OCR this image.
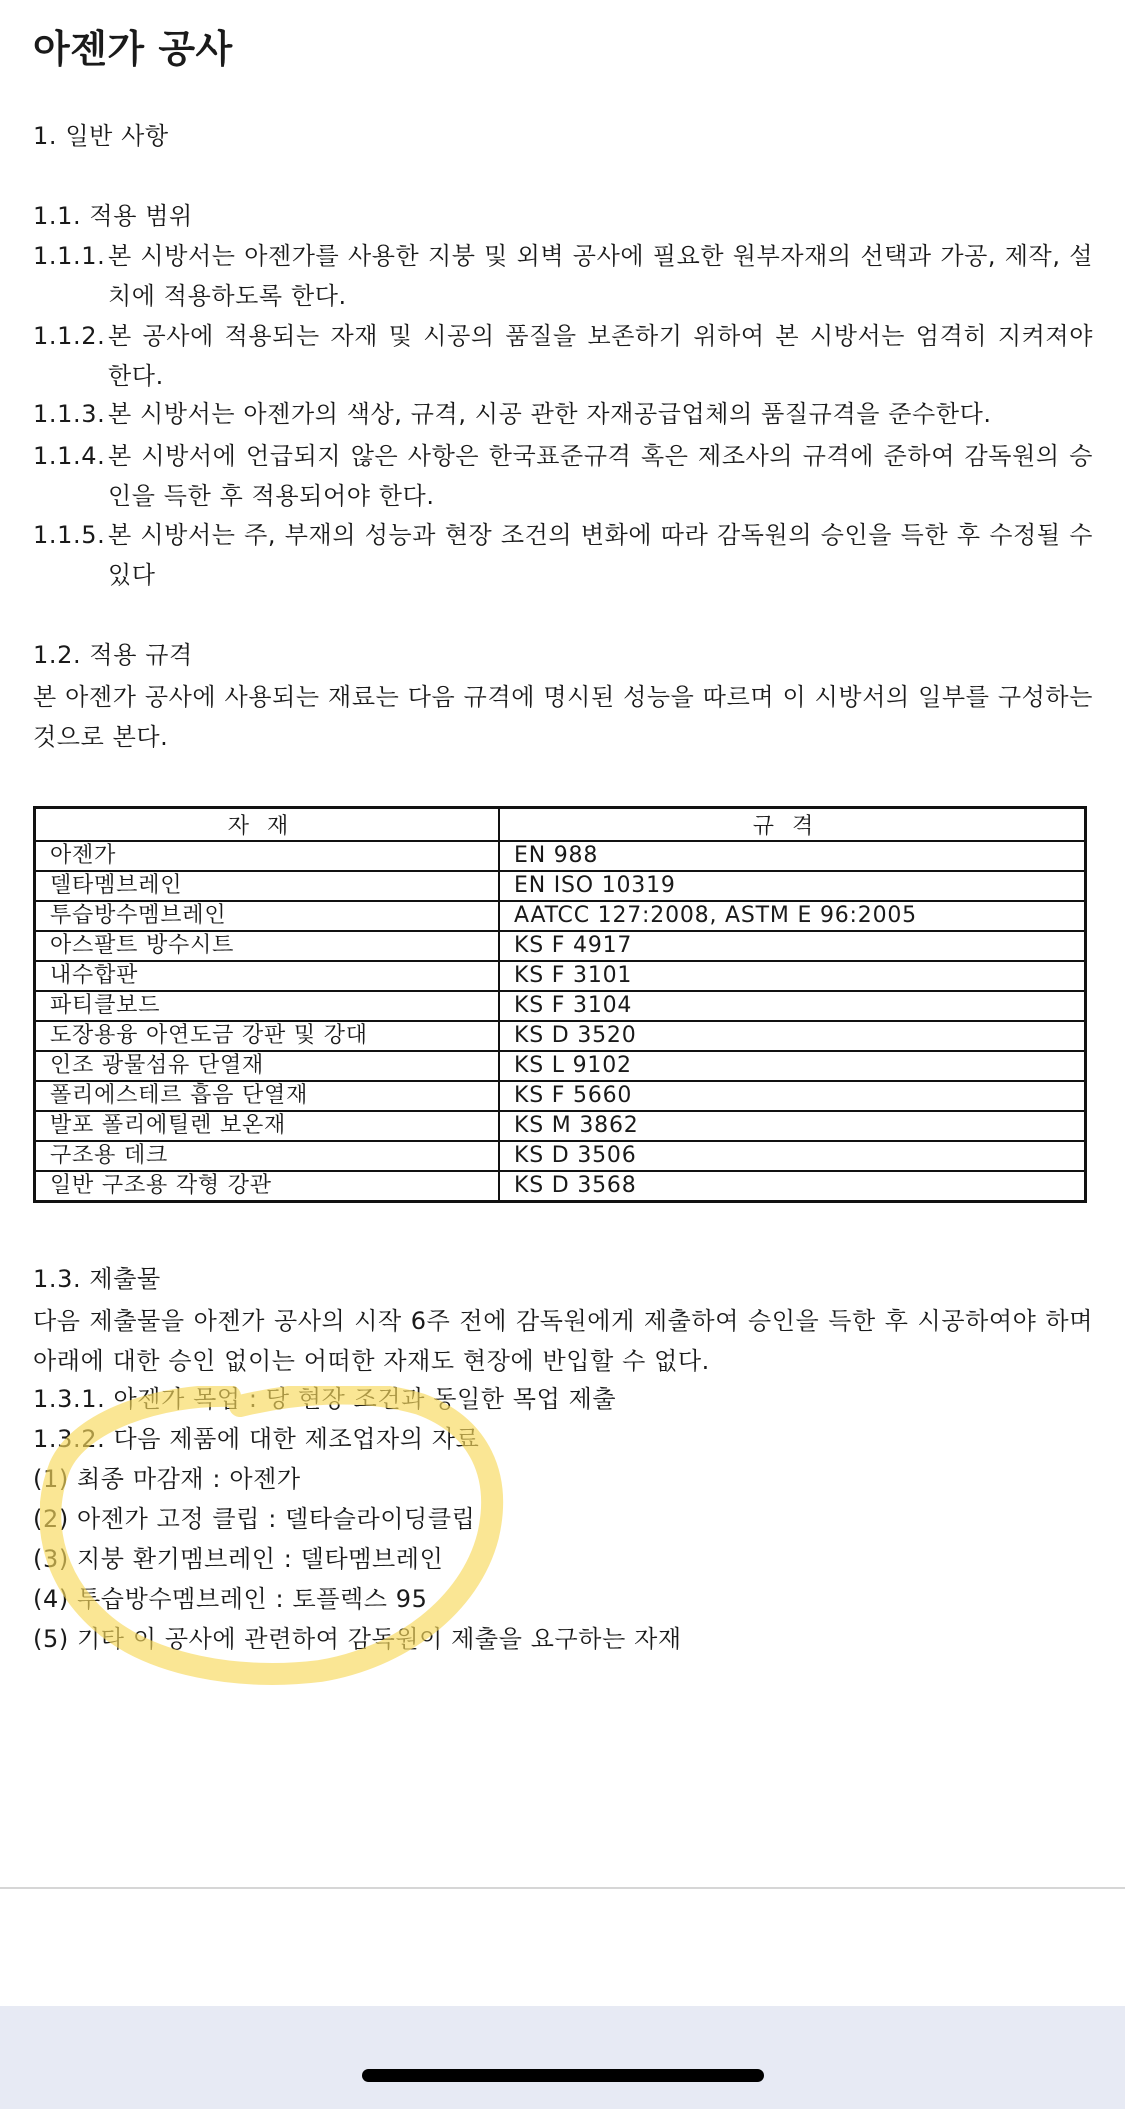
아젠가 공사
1. 일반 사항
1.1. 적용 범위
1.1.1. 본 시방서는 아젠가를 사용한 지붕 및 외벽 공사에 필요한 원부자재의 선택과 가공, 제작, 설치에 적용하도록 한다.
1.1.2. 본 공사에 적용되는 자재 및 시공의 품질을 보존하기 위하여 본 시방서는 엄격히 지켜져야 한다.
1.1.3. 본 시방서는 아젠가의 색상, 규격, 시공 관한 자재공급업체의 품질규격을 준수한다.
1.1.4. 본 시방서에 언급되지 않은 사항은 한국표준규격 혹은 제조사의 규격에 준하여 감독원의 승인을 득한 후 적용되어야 한다.
1.1.5. 본 시방서는 주, 부재의 성능과 현장 조건의 변화에 따라 감독원의 승인을 득한 후 수정될 수 있다
1.2. 적용 규격
본 아젠가 공사에 사용되는 재료는 다음 규격에 명시된 성능을 따르며 이 시방서의 일부를 구성하는 것으로 본다.
자재	규격
아젠가	EN 988
델타멤브레인	EN ISO 10319
투습방수멤브레인	AATCC 127:2008, ASTM E 96:2005
아스팔트 방수시트	KS F 4917
내수합판	KS F 3101
파티클보드	KS F 3104
도장용융 아연도금 강판 및 강대	KS D 3520
인조 광물섬유 단열재	KS L 9102
폴리에스테르 흡음 단열재	KS F 5660
발포 폴리에틸렌 보온재	KS M 3862
구조용 데크	KS D 3506
일반 구조용 각형 강관	KS D 3568
1.3. 제출물
다음 제출물을 아젠가 공사의 시작 6주 전에 감독원에게 제출하여 승인을 득한 후 시공하여야 하며 아래에 대한 승인 없이는 어떠한 자재도 현장에 반입할 수 없다.
1.3.1. 아젠가 목업 : 당 현장 조건과 동일한 목업 제출
1.3.2. 다음 제품에 대한 제조업자의 자료
(1) 최종 마감재 : 아젠가
(2) 아젠가 고정 클립 : 델타슬라이딩클립
(3) 지붕 환기멤브레인 : 델타멤브레인
(4) 투습방수멤브레인 : 토플렉스 95
(5) 기타 이 공사에 관련하여 감독원이 제출을 요구하는 자재
